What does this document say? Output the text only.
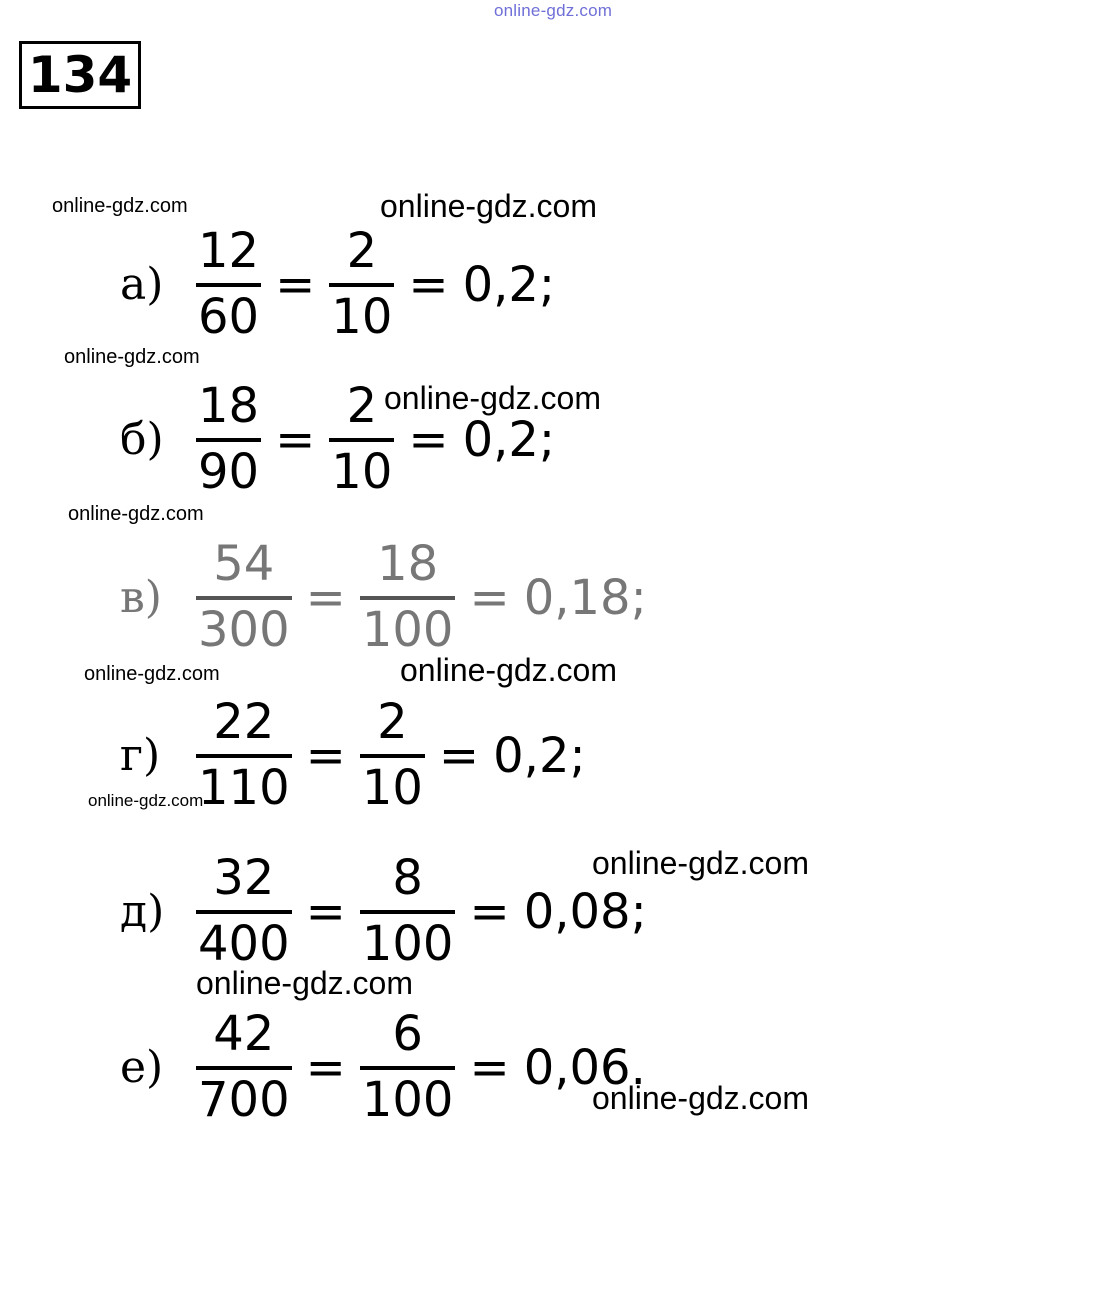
online-gdz.com
134
$а) \frac{12}{60} = \frac{2}{10} = 0,2$;
$б) \frac{18}{90} = \frac{2}{10} = 0,2$;
$в) \frac{54}{300} = \frac{18}{100} = 0,18$;
$г) \frac{22}{110} = \frac{2}{10} = 0,2$;
$д) \frac{32}{400} = \frac{8}{100} = 0,08$;
$е) \frac{42}{700} = \frac{6}{100} = 0,06$.
online-gdz.com	online-gdz.com
online-gdz.com
online-gdz.com
online-gdz.com
online-gdz.com	online-gdz.com
online-gdz.com
online-gdz.com
online-gdz.com
online-gdz.com
